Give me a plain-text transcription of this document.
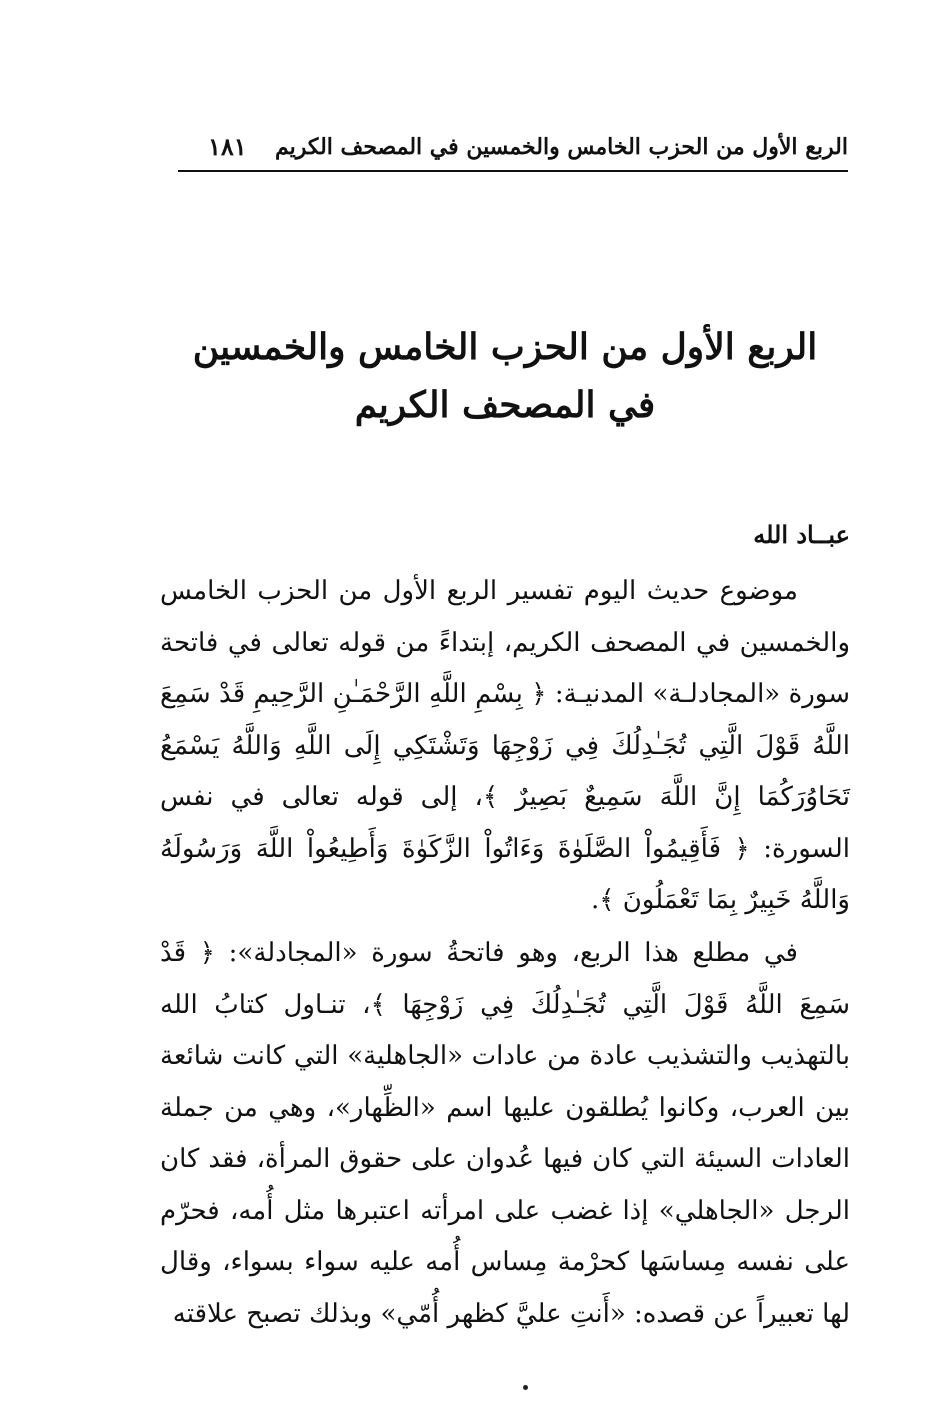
الربع الأول من الحزب الخامس والخمسين في المصحف الكريم
١٨١
الربع الأول من الحزب الخامس والخمسين
في المصحف الكريم
عبــاد الله
موضوع حديث اليوم تفسير الربع الأول من الحزب الخامس والخمسين في المصحف الكريم، إبتداءً من قوله تعالى في فاتحة سورة «المجادلـة» المدنيـة: ﴿ بِسْمِ اللَّهِ الرَّحْمَـٰنِ الرَّحِيمِ قَدْ سَمِعَ اللَّهُ قَوْلَ الَّتِي تُجَـٰدِلُكَ فِي زَوْجِهَا وَتَشْتَكِي إِلَى اللَّهِ وَاللَّهُ يَسْمَعُ تَحَاوُرَكُمَا إِنَّ اللَّهَ سَمِيعٌ بَصِيرٌ ﴾، إلى قوله تعالى في نفس السورة: ﴿ فَأَقِيمُواْ الصَّلَوٰةَ وَءَاتُواْ الزَّكَوٰةَ وَأَطِيعُواْ اللَّهَ وَرَسُولَهُ وَاللَّهُ خَبِيرٌ بِمَا تَعْمَلُونَ ﴾.
في مطلع هذا الربع، وهو فاتحةُ سورة «المجادلة»: ﴿ قَدْ سَمِعَ اللَّهُ قَوْلَ الَّتِي تُجَـٰدِلُكَ فِي زَوْجِهَا ﴾، تنـاول كتابُ الله بالتهذيب والتشذيب عادة من عادات «الجاهلية» التي كانت شائعة بين العرب، وكانوا يُطلقون عليها اسم «الظِّهار»، وهي من جملة العادات السيئة التي كان فيها عُدوان على حقوق المرأة، فقد كان الرجل «الجاهلي» إذا غضب على امرأته اعتبرها مثل أُمه، فحرّم على نفسه مِساسَها كحرْمة مِساس أُمه عليه سواء بسواء، وقال لها تعبيراً عن قصده: «أَنتِ عليَّ كظهر أُمّي» وبذلك تصبح علاقته
